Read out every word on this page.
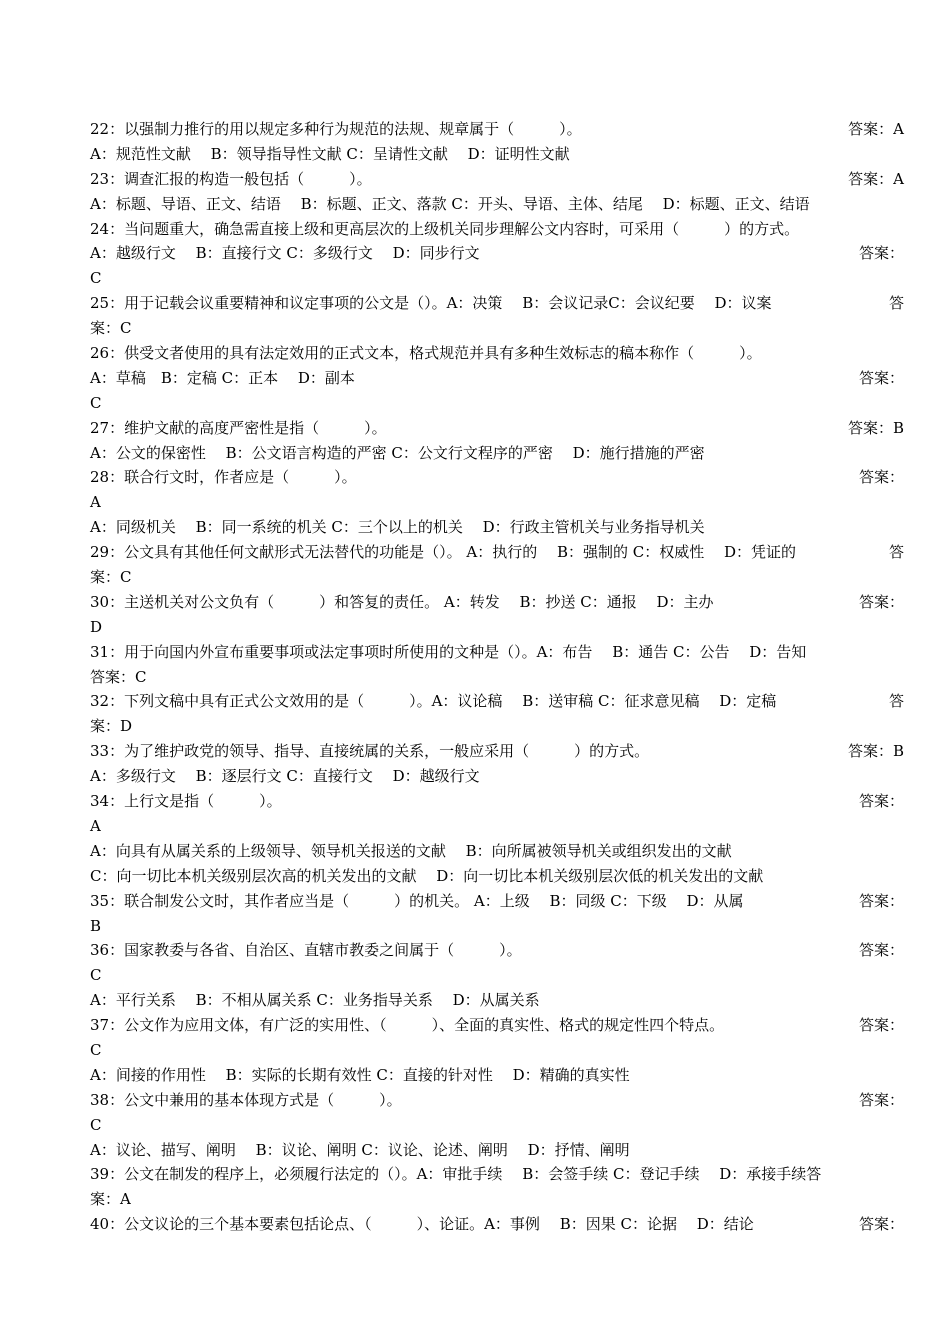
22：以强制力推行的用以规定多种行为规范的法规、规章属于（　　　）。	答案：A
A：规范性文献　 B：领导指导性文献 C：呈请性文献　 D：证明性文献
23：调查汇报的构造一般包括（　　　）。	答案：A
A：标题、导语、正文、结语　 B：标题、正文、落款 C：开头、导语、主体、结尾　 D：标题、正文、结语
24：当问题重大，确急需直接上级和更高层次的上级机关同步理解公文内容时，可采用（　　　）的方式。
A：越级行文　 B：直接行文 C：多级行文　 D：同步行文	答案：
C
25：用于记载会议重要精神和议定事项的公文是（）。A：决策　 B：会议记录C：会议纪要　 D：议案	答
案：C
26：供受文者使用的具有法定效用的正式文本，格式规范并具有多种生效标志的稿本称作（　　　）。
A：草稿　B：定稿 C：正本　 D：副本	答案：
C
27：维护文献的高度严密性是指（　　　）。	答案：B
A：公文的保密性　 B：公文语言构造的严密 C：公文行文程序的严密　 D：施行措施的严密
28：联合行文时，作者应是（　　　）。	答案：
A
A：同级机关　 B：同一系统的机关 C：三个以上的机关　 D：行政主管机关与业务指导机关
29：公文具有其他任何文献形式无法替代的功能是（）。 A：执行的　 B：强制的 C：权威性　 D：凭证的	答
案：C
30：主送机关对公文负有（　　　）和答复的责任。 A：转发　 B：抄送 C：通报　 D：主办	答案：
D
31：用于向国内外宣布重要事项或法定事项时所使用的文种是（）。A：布告　 B：通告 C：公告　 D：告知
答案：C
32：下列文稿中具有正式公文效用的是（　　　）。A：议论稿　 B：送审稿 C：征求意见稿　 D：定稿	答
案：D
33：为了维护政党的领导、指导、直接统属的关系，一般应采用（　　　）的方式。	答案：B
A：多级行文　 B：逐层行文 C：直接行文　 D：越级行文
34：上行文是指（　　　）。	答案：
A
A：向具有从属关系的上级领导、领导机关报送的文献　 B：向所属被领导机关或组织发出的文献
C：向一切比本机关级别层次高的机关发出的文献　 D：向一切比本机关级别层次低的机关发出的文献
35：联合制发公文时，其作者应当是（　　　）的机关。 A：上级　 B：同级 C：下级　 D：从属	答案：
B
36：国家教委与各省、自治区、直辖市教委之间属于（　　　）。	答案：
C
A：平行关系　 B：不相从属关系 C：业务指导关系　 D：从属关系
37：公文作为应用文体，有广泛的实用性、（　　　）、全面的真实性、格式的规定性四个特点。	答案：
C
A：间接的作用性　 B：实际的长期有效性 C：直接的针对性　 D：精确的真实性
38：公文中兼用的基本体现方式是（　　　）。	答案：
C
A：议论、描写、阐明　 B：议论、阐明 C：议论、论述、阐明　 D：抒情、阐明
39：公文在制发的程序上，必须履行法定的（）。A：审批手续　 B：会签手续 C：登记手续　 D：承接手续答
案：A
40：公文议论的三个基本要素包括论点、（　　　）、论证。A：事例　 B：因果 C：论据　 D：结论	答案：
